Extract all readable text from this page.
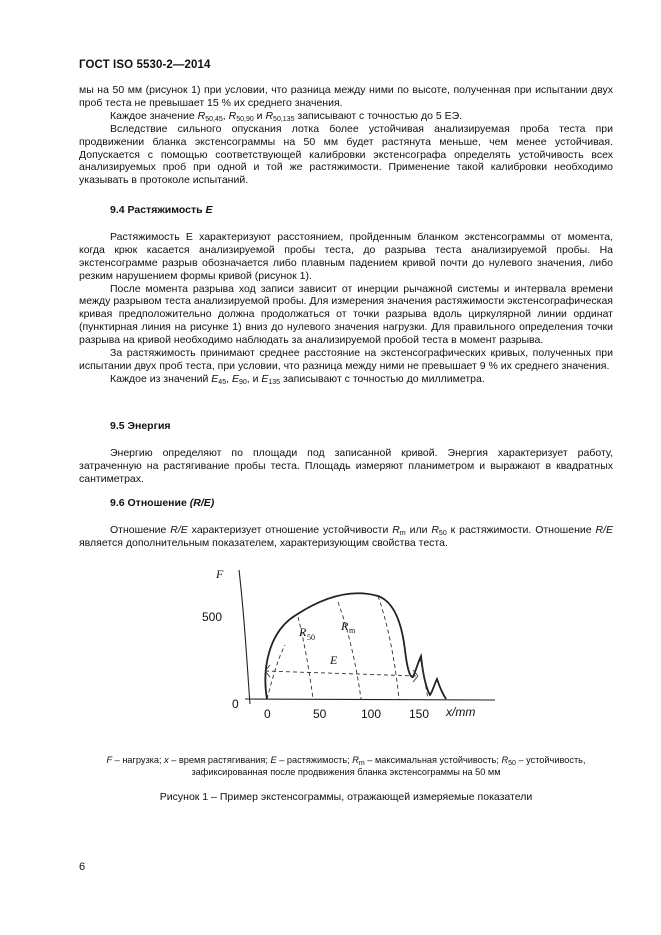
ГОСТ ISO 5530-2—2014

мы на 50 мм (рисунок 1) при условии, что разница между ними по высоте, полученная при испытании двух проб теста не превышает 15 % их среднего значения.

Каждое значение $R_{50,45}$, $R_{50,90}$ и $R_{50,135}$ записывают с точностью до 5 ЕЭ.

Вследствие сильного опускания лотка более устойчивая анализируемая проба теста при продвижении бланка экстенсограммы на 50 мм будет растянута меньше, чем менее устойчивая. Допускается с помощью соответствующей калибровки экстенсографа определять устойчивость всех анализируемых проб при одной и той же растяжимости. Применение такой калибровки необходимо указывать в протоколе испытаний.

9.4 Растяжимость E

Растяжимость E характеризуют расстоянием, пройденным бланком экстенсограммы от момента, когда крюк касается анализируемой пробы теста, до разрыва теста анализируемой пробы. На экстенсограмме разрыв обозначается либо плавным падением кривой почти до нулевого значения, либо резким нарушением формы кривой (рисунок 1).

После момента разрыва ход записи зависит от инерции рычажной системы и интервала времени между разрывом теста анализируемой пробы. Для измерения значения растяжимости экстенсографическая кривая предположительно должна продолжаться от точки разрыва вдоль циркулярной линии ординат (пунктирная линия на рисунке 1) вниз до нулевого значения нагрузки. Для правильного определения точки разрыва на кривой необходимо наблюдать за анализируемой пробой теста в момент разрыва.

За растяжимость принимают среднее расстояние на экстенсографических кривых, полученных при испытании двух проб теста, при условии, что разница между ними не превышает 9 % их среднего значения.

Каждое из значений $E_{45}$, $E_{90}$, и $E_{135}$ записывают с точностью до миллиметра.

9.5 Энергия

Энергию определяют по площади под записанной кривой. Энергия характеризует работу, затраченную на растягивание пробы теста. Площадь измеряют планиметром и выражают в квадратных сантиметрах.

9.6 Отношение (R/E)

Отношение R/E характеризует отношение устойчивости $R_m$ или $R_{50}$ к растяжимости. Отношение R/E является дополнительным показателем, характеризующим свойства теста.

F
500
0
0	50	100 150 x/mm
R 50
R m
E
F – нагрузка; x – время растягивания; E – растяжимость; $R_m$ – максимальная устойчивость; $R_{50}$ – устойчивость,
зафиксированная после продвижения бланка экстенсограммы на 50 мм
Рисунок 1 – Пример экстенсограммы, отражающей измеряемые показатели
6
